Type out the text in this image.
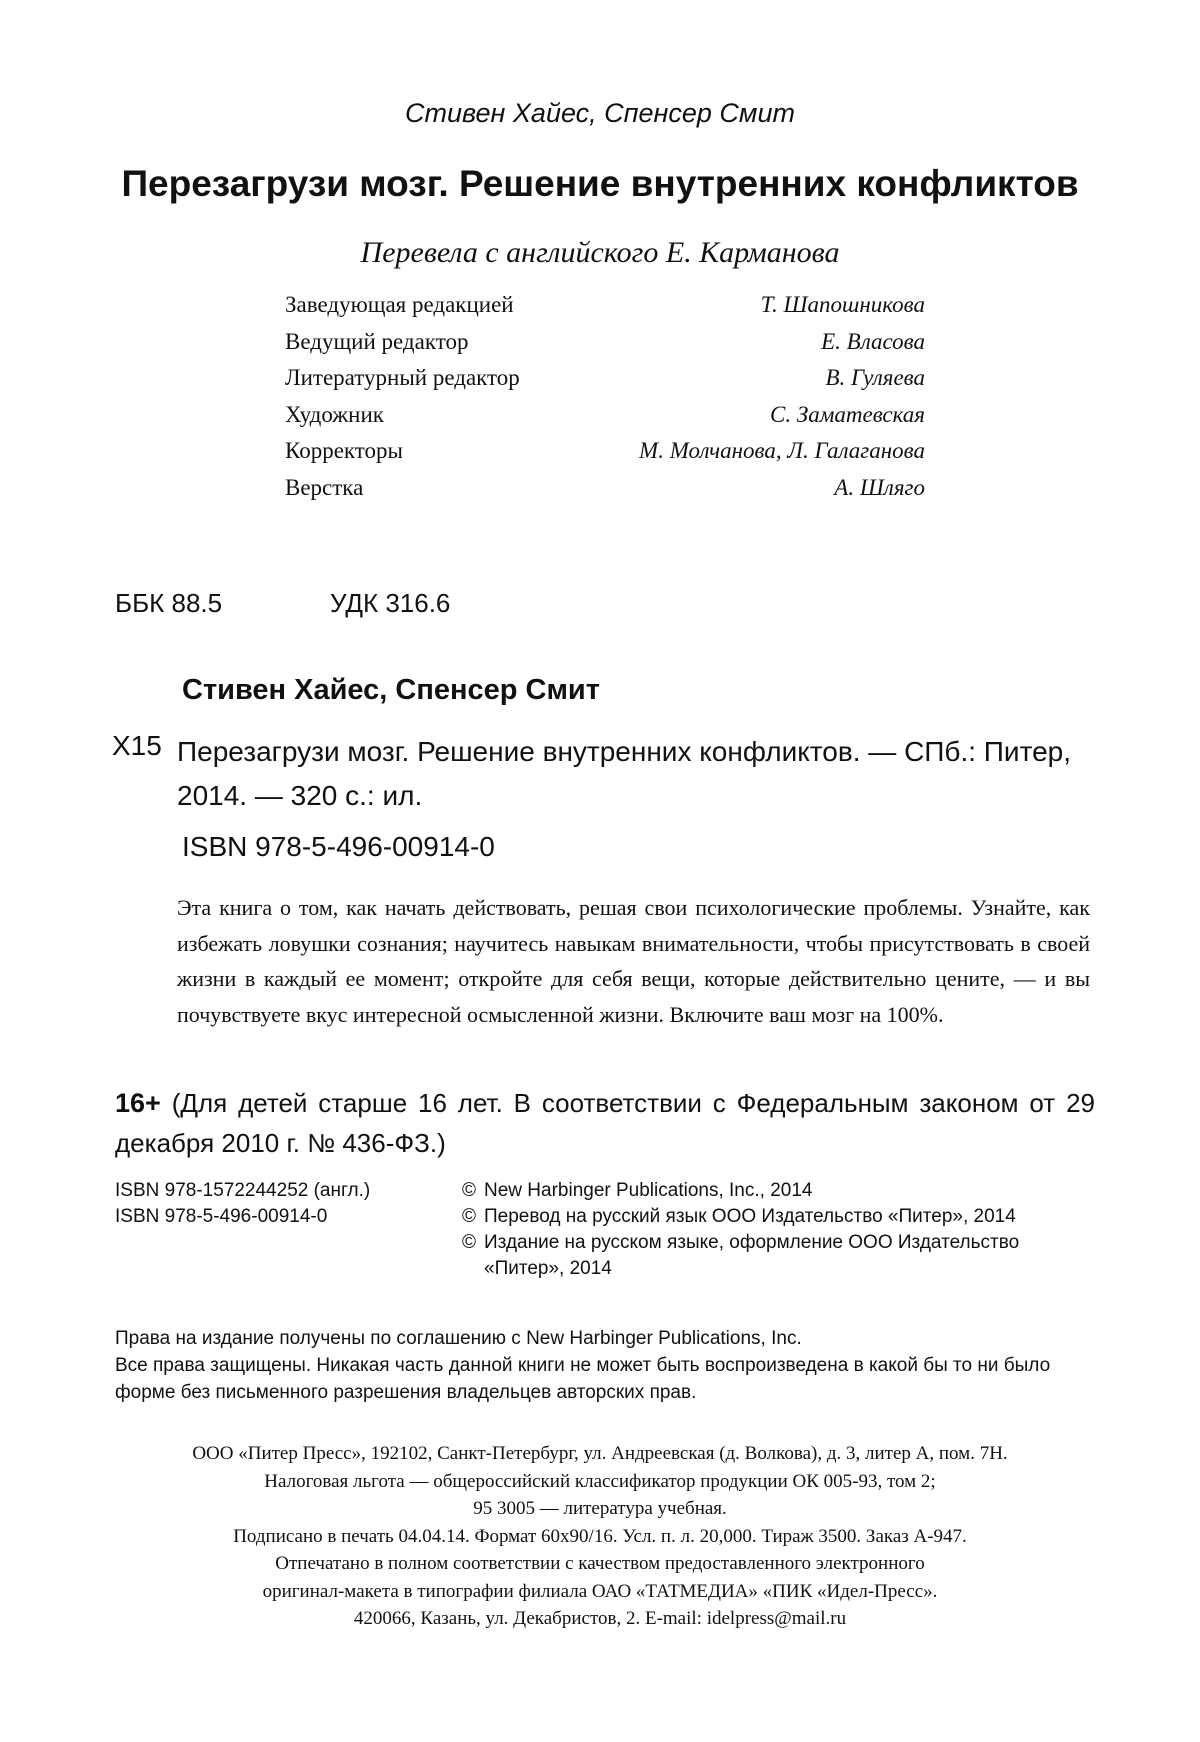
Стивен Хайес, Спенсер Смит
Перезагрузи мозг. Решение внутренних конфликтов
Перевела с английского Е. Карманова
Заведующая редакцией	Т. Шапошникова
Ведущий редактор	Е. Власова
Литературный редактор	В. Гуляева
Художник	С. Заматевская
Корректоры	М. Молчанова, Л. Галаганова
Верстка	А. Шляго
ББК 88.5	УДК 316.6
Стивен Хайес, Спенсер Смит
Х15 Перезагрузи мозг. Решение внутренних конфликтов. — СПб.: Питер,
2014. — 320 с.: ил.
ISBN 978-5-496-00914-0
Эта книга о том, как начать действовать, решая свои психологические проблемы. Узнайте, как избежать ловушки сознания; научитесь навыкам внимательности, чтобы присутствовать в своей жизни в каждый ее момент; откройте для себя вещи, которые действительно цените, — и вы почувствуете вкус интересной осмысленной жизни. Включите ваш мозг на 100%.
16+ (Для детей старше 16 лет. В соответствии с Федеральным законом от 29 декабря 2010 г. № 436-ФЗ.)
ISBN 978-1572244252 (англ.)
ISBN 978-5-496-00914-0
© New Harbinger Publications, Inc., 2014
© Перевод на русский язык ООО Издательство «Питер», 2014
© Издание на русском языке, оформление ООО Издательство «Питер», 2014
Права на издание получены по соглашению с New Harbinger Publications, Inc.
Все права защищены. Никакая часть данной книги не может быть воспроизведена в какой бы то ни было форме без письменного разрешения владельцев авторских прав.
ООО «Питер Пресс», 192102, Санкт-Петербург, ул. Андреевская (д. Волкова), д. 3, литер А, пом. 7Н.
Налоговая льгота — общероссийский классификатор продукции ОК 005-93, том 2;
95 3005 — литература учебная.
Подписано в печать 04.04.14. Формат 60х90/16. Усл. п. л. 20,000. Тираж 3500. Заказ А-947.
Отпечатано в полном соответствии с качеством предоставленного электронного
оригинал-макета в типографии филиала ОАО «ТАТМЕДИА» «ПИК «Идел-Пресс».
420066, Казань, ул. Декабристов, 2. E-mail: idelpress@mail.ru
